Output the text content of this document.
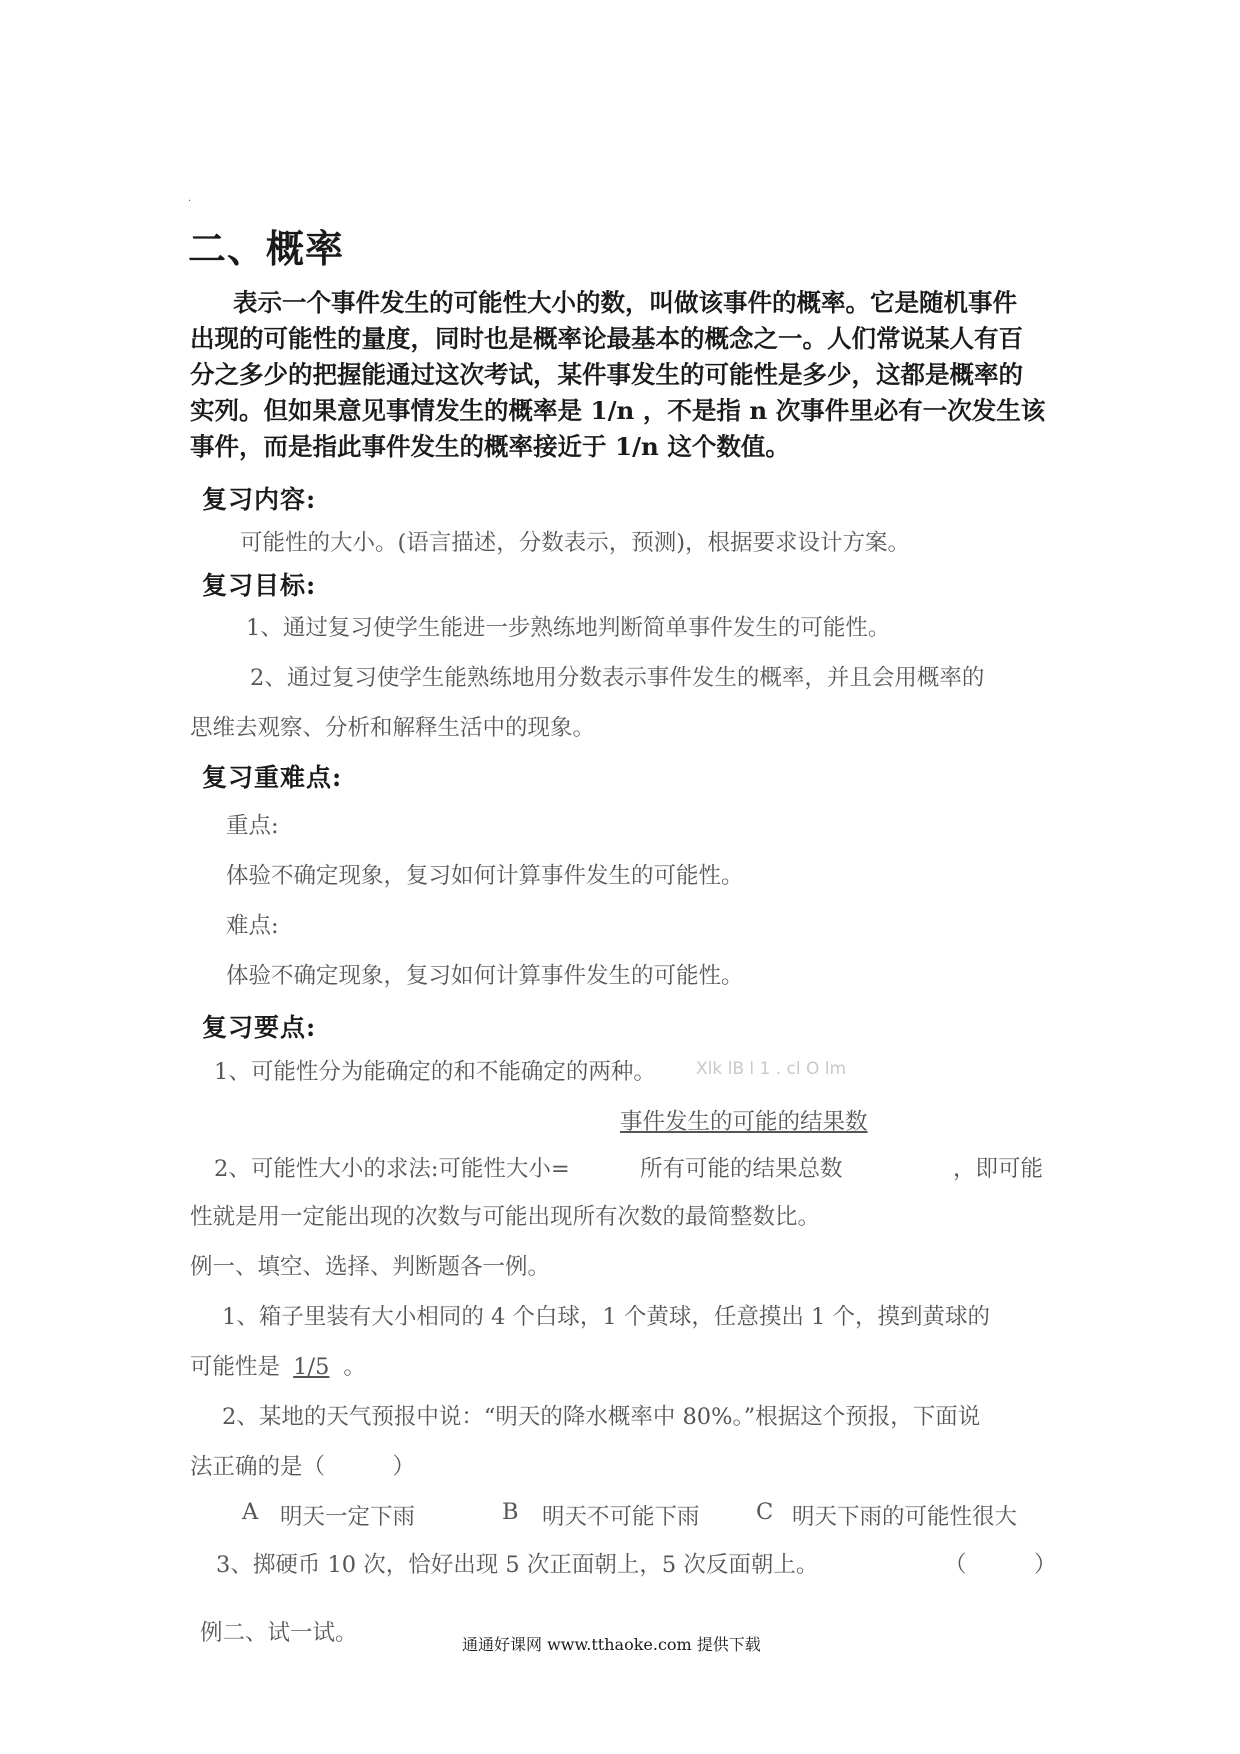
.
二、概率
表示一个事件发生的可能性大小的数，叫做该事件的概率。它是随机事件
出现的可能性的量度，同时也是概率论最基本的概念之一。人们常说某人有百
分之多少的把握能通过这次考试，某件事发生的可能性是多少，这都是概率的
实列。但如果意见事情发生的概率是 1/n ，不是指 n 次事件里必有一次发生该
事件，而是指此事件发生的概率接近于 1/n 这个数值。
复习内容:
可能性的大小。(语言描述，分数表示，预测)，根据要求设计方案。
复习目标:
1、通过复习使学生能进一步熟练地判断简单事件发生的可能性。
2、通过复习使学生能熟练地用分数表示事件发生的概率，并且会用概率的
思维去观察、分析和解释生活中的现象。
复习重难点:
重点:
体验不确定现象，复习如何计算事件发生的可能性。
难点:
体验不确定现象，复习如何计算事件发生的可能性。
复习要点:
1、可能性分为能确定的和不能确定的两种。 Xlk lB l 1 . cl O lm
事件发生的可能的结果数
2、可能性大小的求法:可能性大小=	所有可能的结果总数	，即可能
性就是用一定能出现的次数与可能出现所有次数的最简整数比。
例一、填空、选择、判断题各一例。
1、箱子里装有大小相同的 4 个白球，1 个黄球，任意摸出 1 个，摸到黄球的
可能性是 1/5 。
2、某地的天气预报中说：“明天的降水概率中 80%。”根据这个预报，下面说
法正确的是（　　　）
A 明天一定下雨	B 明天不可能下雨	C 明天下雨的可能性很大
3、掷硬币 10 次，恰好出现 5 次正面朝上，5 次反面朝上。	（　　　）
例二、试一试。	通通好课网 www.tthaoke.com 提供下载
